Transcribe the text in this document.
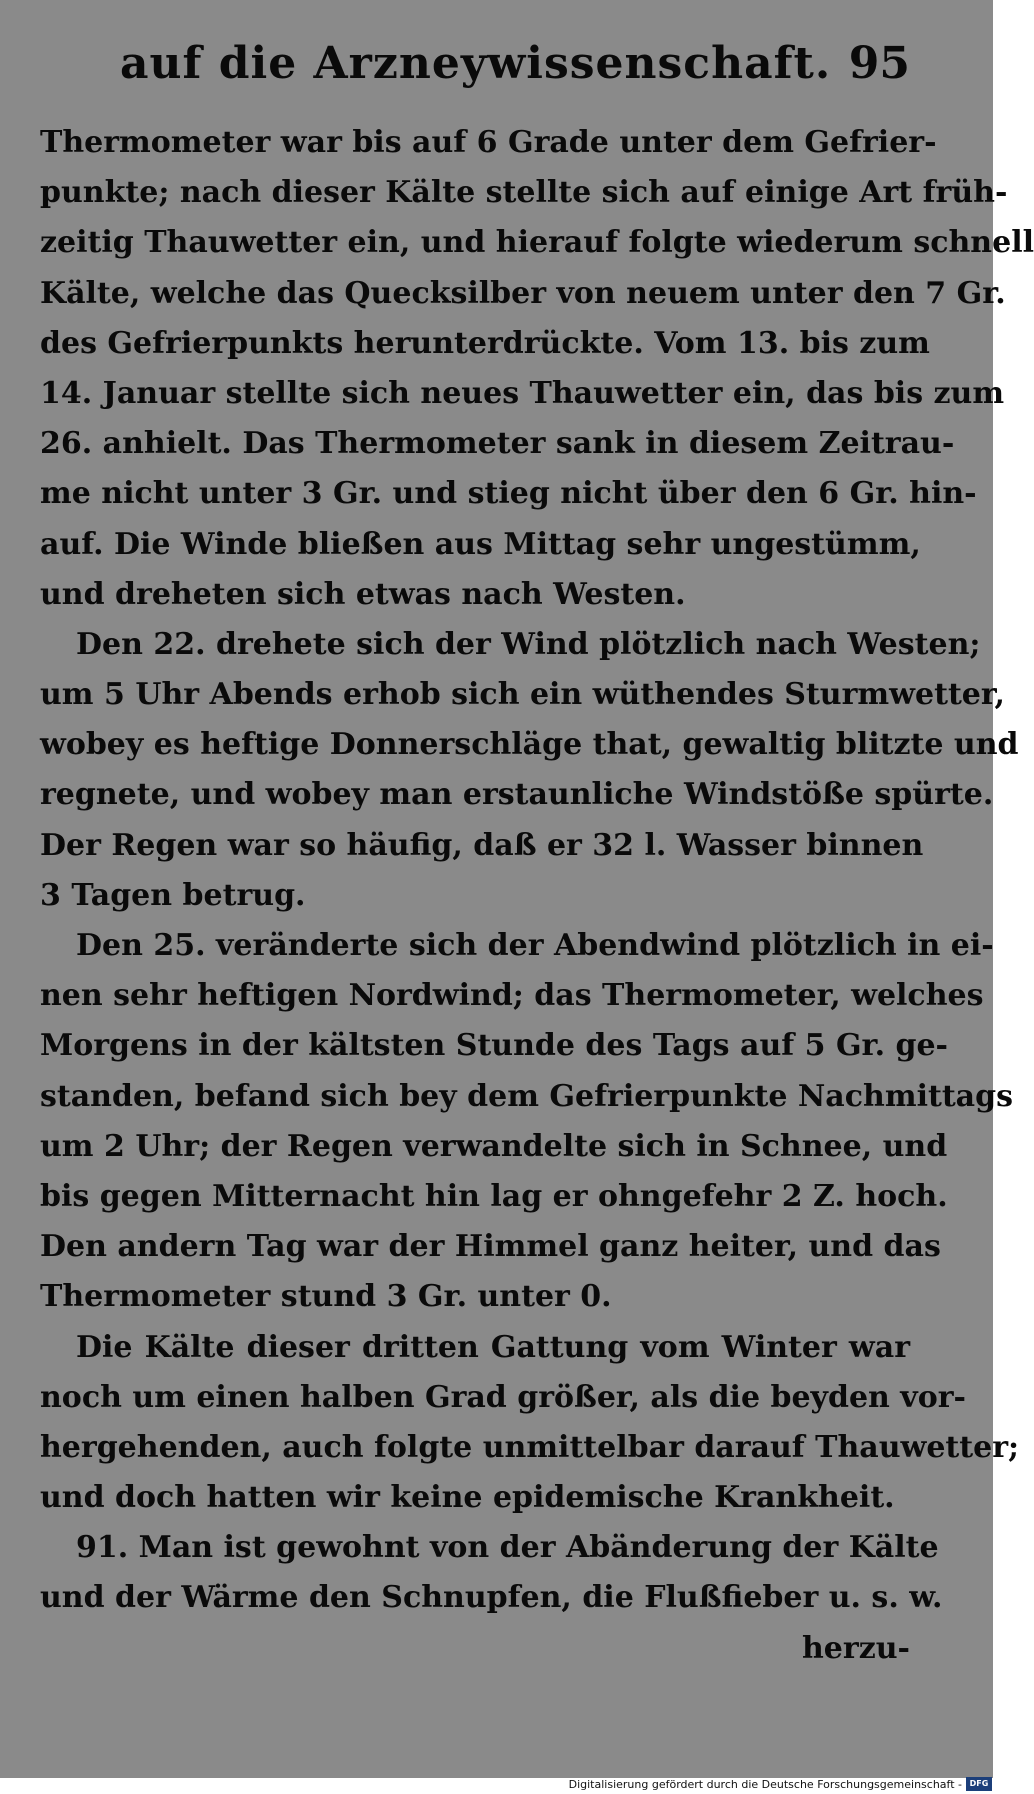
auf die Arzneywissenschaft. 95
Thermometer war bis auf 6 Grade unter dem Gefrier-
punkte; nach dieser Kälte stellte sich auf einige Art früh-
zeitig Thauwetter ein, und hierauf folgte wiederum schnell
Kälte, welche das Quecksilber von neuem unter den 7 Gr.
des Gefrierpunkts herunterdrückte. Vom 13. bis zum
14. Januar stellte sich neues Thauwetter ein, das bis zum
26. anhielt. Das Thermometer sank in diesem Zeitrau-
me nicht unter 3 Gr. und stieg nicht über den 6 Gr. hin-
auf. Die Winde bließen aus Mittag sehr ungestümm,
und dreheten sich etwas nach Westen.
Den 22. drehete sich der Wind plötzlich nach Westen;
um 5 Uhr Abends erhob sich ein wüthendes Sturmwetter,
wobey es heftige Donnerschläge that, gewaltig blitzte und
regnete, und wobey man erstaunliche Windstöße spürte.
Der Regen war so häufig, daß er 32 l. Wasser binnen
3 Tagen betrug.
Den 25. veränderte sich der Abendwind plötzlich in ei-
nen sehr heftigen Nordwind; das Thermometer, welches
Morgens in der kältsten Stunde des Tags auf 5 Gr. ge-
standen, befand sich bey dem Gefrierpunkte Nachmittags
um 2 Uhr; der Regen verwandelte sich in Schnee, und
bis gegen Mitternacht hin lag er ohngefehr 2 Z. hoch.
Den andern Tag war der Himmel ganz heiter, und das
Thermometer stund 3 Gr. unter 0.
Die Kälte dieser dritten Gattung vom Winter war
noch um einen halben Grad größer, als die beyden vor-
hergehenden, auch folgte unmittelbar darauf Thauwetter;
und doch hatten wir keine epidemische Krankheit.
91. Man ist gewohnt von der Abänderung der Kälte
und der Wärme den Schnupfen, die Flußfieber u. s. w.
herzu-
Digitalisierung gefördert durch die Deutsche Forschungsgemeinschaft - DFG
